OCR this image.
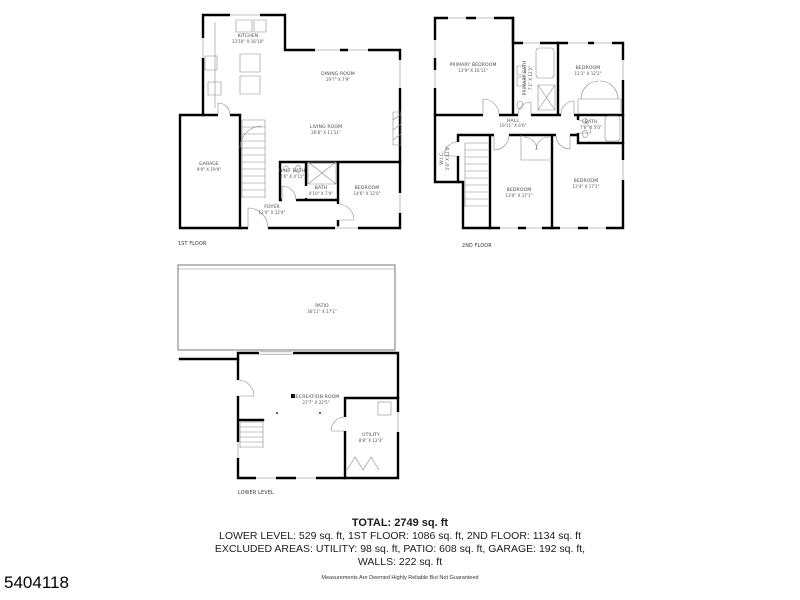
KITCHEN
13'10" X 16'10"
DINING ROOM
19'7" X 7'9"
LIVING ROOM
26'8" X 11'11"
GARAGE
9'9" X 19'9"	HALF BATH
4'6" X 4'11"
BATH
4'10" X 7'4"
BEDROOM
14'6" X 12'0"
FOYER
12'4" X 12'4"
1ST FLOOR
PRIMARY BEDROOM
13'9" X 16'11"	PRIMARY BATH 7'1" X 12'2"	BEDROOM
11'1" X 12'2"
HALL
19'11" X 6'6"
BATH
7'6" X 5'0"
W.I.C. 5'6" X 12'4"
BEDROOM
13'0" X 17'1"
BEDROOM
12'4" X 17'1"
2ND FLOOR
PATIO
36'11" X 17'1"
RECREATION ROOM
27'7" X 22'5"
UTILITY
8'8" X 12'3"
LOWER LEVEL
TOTAL: 2749 sq. ft
LOWER LEVEL: 529 sq. ft, 1ST FLOOR: 1086 sq. ft, 2ND FLOOR: 1134 sq. ft
EXCLUDED AREAS: UTILITY: 98 sq. ft, PATIO: 608 sq. ft, GARAGE: 192 sq. ft,
WALLS: 222 sq. ft
Measurements Are Deemed Highly Reliable But Not Guaranteed
5404118
